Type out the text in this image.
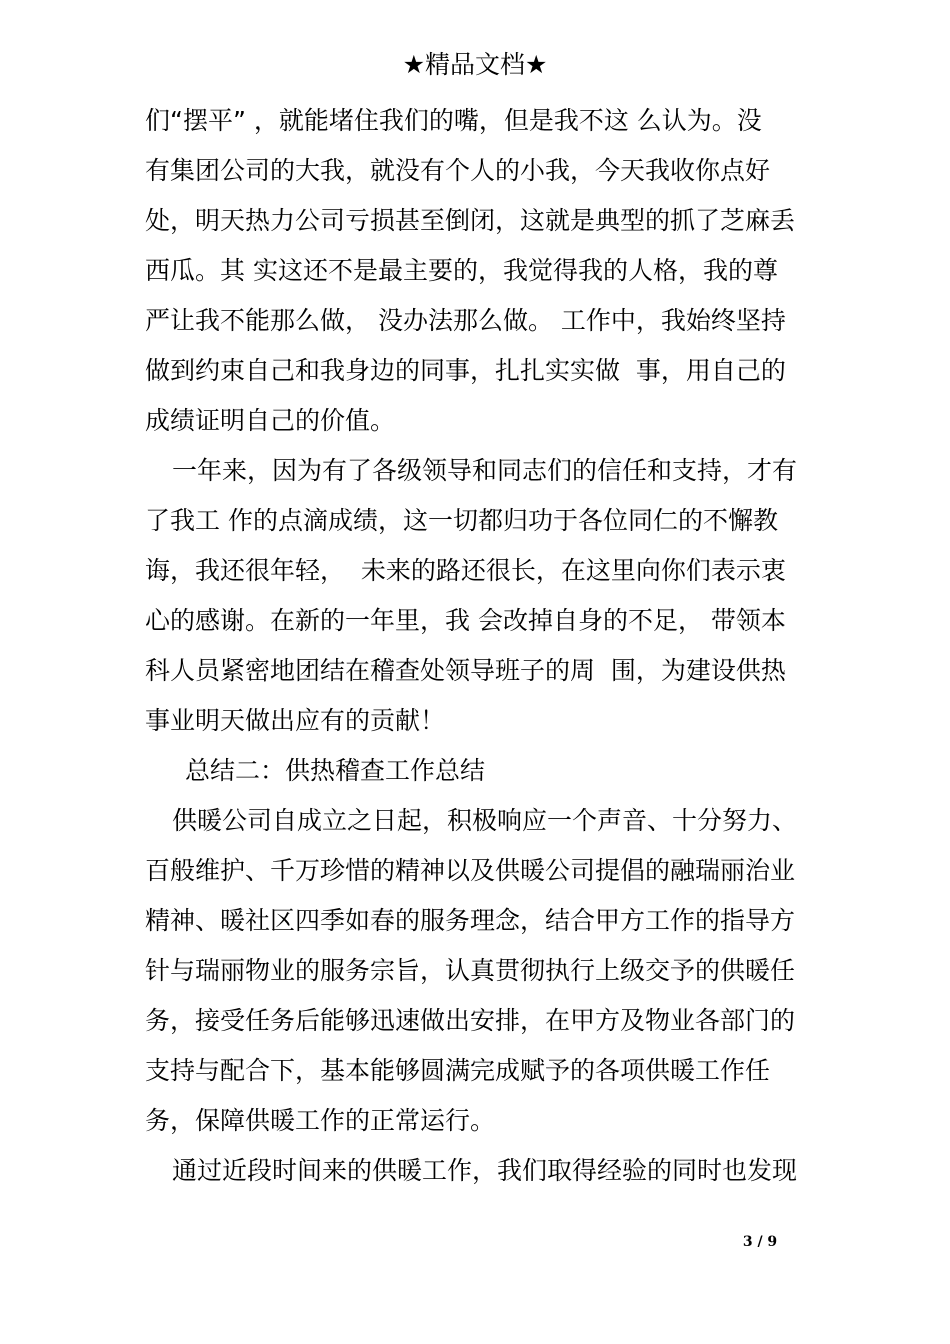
★精品文档★
们“摆平” ，就能堵住我们的嘴，但是我不这 么认为。没
有集团公司的大我，就没有个人的小我，今天我收你点好
处，明天热力公司亏损甚至倒闭，这就是典型的抓了芝麻丢
西瓜。其 实这还不是最主要的，我觉得我的人格，我的尊
严让我不能那么做， 没办法那么做。 工作中，我始终坚持
做到约束自己和我身边的同事，扎扎实实做  事，用自己的
成绩证明自己的价值。
一年来，因为有了各级领导和同志们的信任和支持，才有
了我工 作的点滴成绩，这一切都归功于各位同仁的不懈教
诲，我还很年轻，  未来的路还很长，在这里向你们表示衷
心的感谢。在新的一年里，我 会改掉自身的不足， 带领本
科人员紧密地团结在稽查处领导班子的周  围，为建设供热
事业明天做出应有的贡献！
总结二：供热稽查工作总结
供暖公司自成立之日起，积极响应一个声音、十分努力、
百般维护、千万珍惜的精神以及供暖公司提倡的融瑞丽治业
精神、暖社区四季如春的服务理念，结合甲方工作的指导方
针与瑞丽物业的服务宗旨，认真贯彻执行上级交予的供暖任
务，接受任务后能够迅速做出安排，在甲方及物业各部门的
支持与配合下，基本能够圆满完成赋予的各项供暖工作任
务，保障供暖工作的正常运行。
通过近段时间来的供暖工作，我们取得经验的同时也发现
3 / 9
